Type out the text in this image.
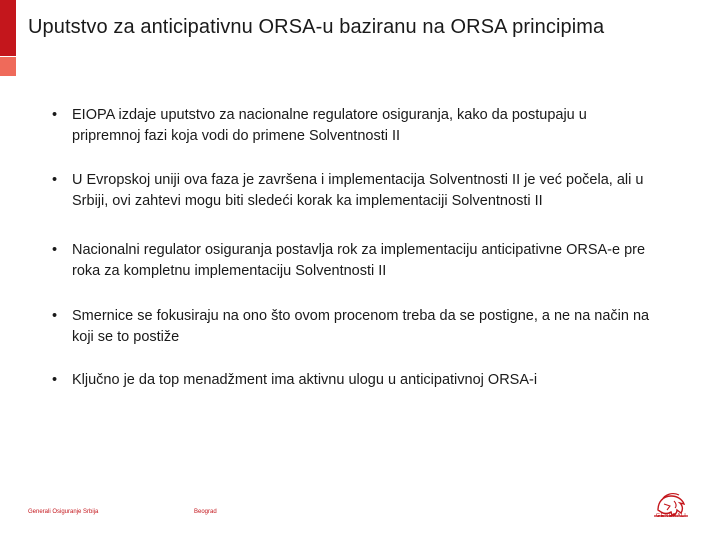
Uputstvo za anticipativnu ORSA-u baziranu na ORSA principima
• EIOPA izdaje uputstvo za nacionalne regulatore osiguranja, kako da postupaju u pripremnoj fazi koja vodi do primene Solventnosti II
• U Evropskoj uniji ova faza je završena i implementacija Solventnosti II je već počela, ali u Srbiji, ovi zahtevi mogu biti sledeći korak ka implementaciji Solventnosti II
• Nacionalni regulator osiguranja postavlja rok za implementaciju anticipativne ORSA-e pre roka za kompletnu implementaciju Solventnosti II
• Smernice se fokusiraju na ono što ovom procenom treba da se postigne, a ne na način na koji se to postiže
• Ključno je da top menadžment ima aktivnu ulogu u anticipativnoj ORSA-i
Generali Osiguranje Srbija	Beograd
GENERALI
